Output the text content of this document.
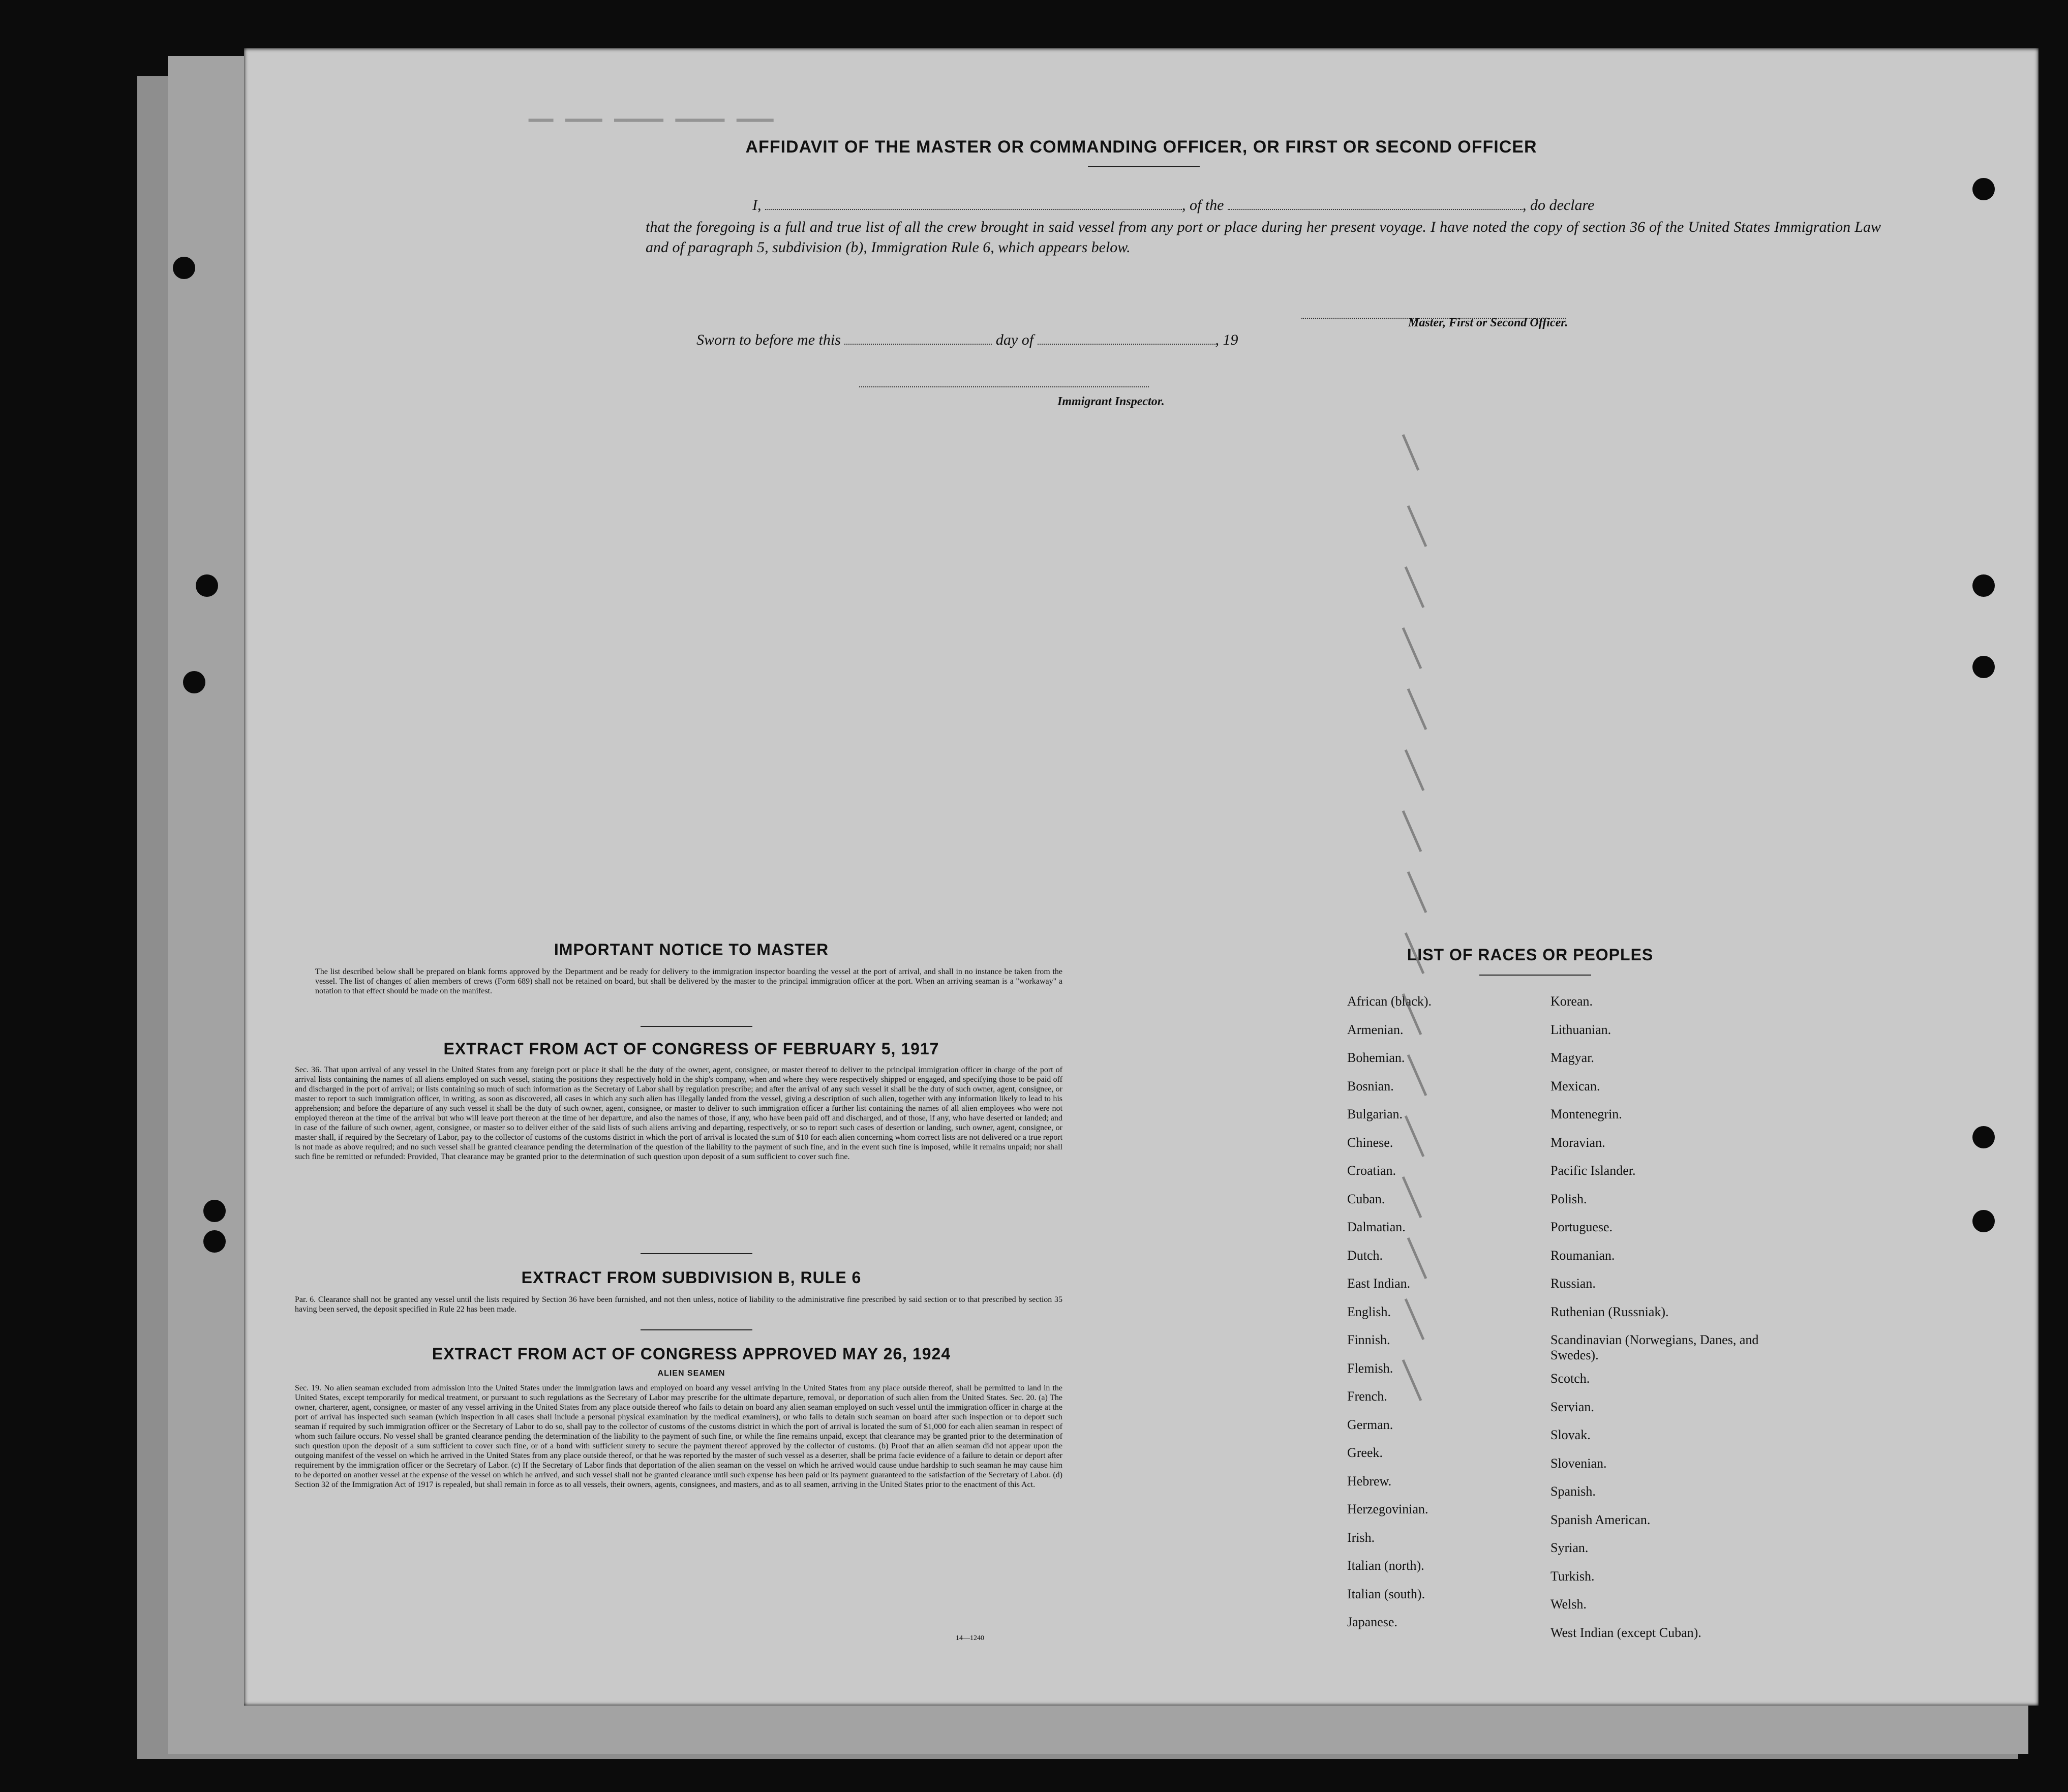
▔▔ ▔▔▔ ▔▔▔▔ ▔▔▔▔ ▔▔▔
AFFIDAVIT OF THE MASTER OR COMMANDING OFFICER, OR FIRST OR SECOND OFFICER
I,	, of the	, do declare
that the foregoing is a full and true list of all the crew brought in said vessel from any port or place during her present voyage. I have noted the copy of section 36 of the United States Immigration Law and of paragraph 5, subdivision (b), Immigration Rule 6, which appears below.
Master, First or Second Officer.
Sworn to before me this	day of	, 19
Immigrant Inspector.
IMPORTANT NOTICE TO MASTER
The list described below shall be prepared on blank forms approved by the Department and be ready for delivery to the immigration inspector boarding the vessel at the port of arrival, and shall in no instance be taken from the vessel. The list of changes of alien members of crews (Form 689) shall not be retained on board, but shall be delivered by the master to the principal immigration officer at the port. When an arriving seaman is a "workaway" a notation to that effect should be made on the manifest.
EXTRACT FROM ACT OF CONGRESS OF FEBRUARY 5, 1917
Sec. 36. That upon arrival of any vessel in the United States from any foreign port or place it shall be the duty of the owner, agent, consignee, or master thereof to deliver to the principal immigration officer in charge of the port of arrival lists containing the names of all aliens employed on such vessel, stating the positions they respectively hold in the ship's company, when and where they were respectively shipped or engaged, and specifying those to be paid off and discharged in the port of arrival; or lists containing so much of such information as the Secretary of Labor shall by regulation prescribe; and after the arrival of any such vessel it shall be the duty of such owner, agent, consignee, or master to report to such immigration officer, in writing, as soon as discovered, all cases in which any such alien has illegally landed from the vessel, giving a description of such alien, together with any information likely to lead to his apprehension; and before the departure of any such vessel it shall be the duty of such owner, agent, consignee, or master to deliver to such immigration officer a further list containing the names of all alien employees who were not employed thereon at the time of the arrival but who will leave port thereon at the time of her departure, and also the names of those, if any, who have been paid off and discharged, and of those, if any, who have deserted or landed; and in case of the failure of such owner, agent, consignee, or master so to deliver either of the said lists of such aliens arriving and departing, respectively, or so to report such cases of desertion or landing, such owner, agent, consignee, or master shall, if required by the Secretary of Labor, pay to the collector of customs of the customs district in which the port of arrival is located the sum of $10 for each alien concerning whom correct lists are not delivered or a true report is not made as above required; and no such vessel shall be granted clearance pending the determination of the question of the liability to the payment of such fine, and in the event such fine is imposed, while it remains unpaid; nor shall such fine be remitted or refunded: Provided, That clearance may be granted prior to the determination of such question upon deposit of a sum sufficient to cover such fine.
EXTRACT FROM SUBDIVISION B, RULE 6
Par. 6. Clearance shall not be granted any vessel until the lists required by Section 36 have been furnished, and not then unless, notice of liability to the administrative fine prescribed by said section or to that prescribed by section 35 having been served, the deposit specified in Rule 22 has been made.
EXTRACT FROM ACT OF CONGRESS APPROVED MAY 26, 1924
ALIEN SEAMEN
Sec. 19. No alien seaman excluded from admission into the United States under the immigration laws and employed on board any vessel arriving in the United States from any place outside thereof, shall be permitted to land in the United States, except temporarily for medical treatment, or pursuant to such regulations as the Secretary of Labor may prescribe for the ultimate departure, removal, or deportation of such alien from the United States. Sec. 20. (a) The owner, charterer, agent, consignee, or master of any vessel arriving in the United States from any place outside thereof who fails to detain on board any alien seaman employed on such vessel until the immigration officer in charge at the port of arrival has inspected such seaman (which inspection in all cases shall include a personal physical examination by the medical examiners), or who fails to detain such seaman on board after such inspection or to deport such seaman if required by such immigration officer or the Secretary of Labor to do so, shall pay to the collector of customs of the customs district in which the port of arrival is located the sum of $1,000 for each alien seaman in respect of whom such failure occurs. No vessel shall be granted clearance pending the determination of the liability to the payment of such fine, or while the fine remains unpaid, except that clearance may be granted prior to the determination of such question upon the deposit of a sum sufficient to cover such fine, or of a bond with sufficient surety to secure the payment thereof approved by the collector of customs. (b) Proof that an alien seaman did not appear upon the outgoing manifest of the vessel on which he arrived in the United States from any place outside thereof, or that he was reported by the master of such vessel as a deserter, shall be prima facie evidence of a failure to detain or deport after requirement by the immigration officer or the Secretary of Labor. (c) If the Secretary of Labor finds that deportation of the alien seaman on the vessel on which he arrived would cause undue hardship to such seaman he may cause him to be deported on another vessel at the expense of the vessel on which he arrived, and such vessel shall not be granted clearance until such expense has been paid or its payment guaranteed to the satisfaction of the Secretary of Labor. (d) Section 32 of the Immigration Act of 1917 is repealed, but shall remain in force as to all vessels, their owners, agents, consignees, and masters, and as to all seamen, arriving in the United States prior to the enactment of this Act.
14—1240
LIST OF RACES OR PEOPLES
African (black).
Armenian.
Bohemian.
Bosnian.
Bulgarian.
Chinese.
Croatian.
Cuban.
Dalmatian.
Dutch.
East Indian.
English.
Finnish.
Flemish.
French.
German.
Greek.
Hebrew.
Herzegovinian.
Irish.
Italian (north).
Italian (south).
Japanese.
Korean.
Lithuanian.
Magyar.
Mexican.
Montenegrin.
Moravian.
Pacific Islander.
Polish.
Portuguese.
Roumanian.
Russian.
Ruthenian (Russniak).
Scandinavian (Norwegians, Danes, and Swedes).
Scotch.
Servian.
Slovak.
Slovenian.
Spanish.
Spanish American.
Syrian.
Turkish.
Welsh.
West Indian (except Cuban).
